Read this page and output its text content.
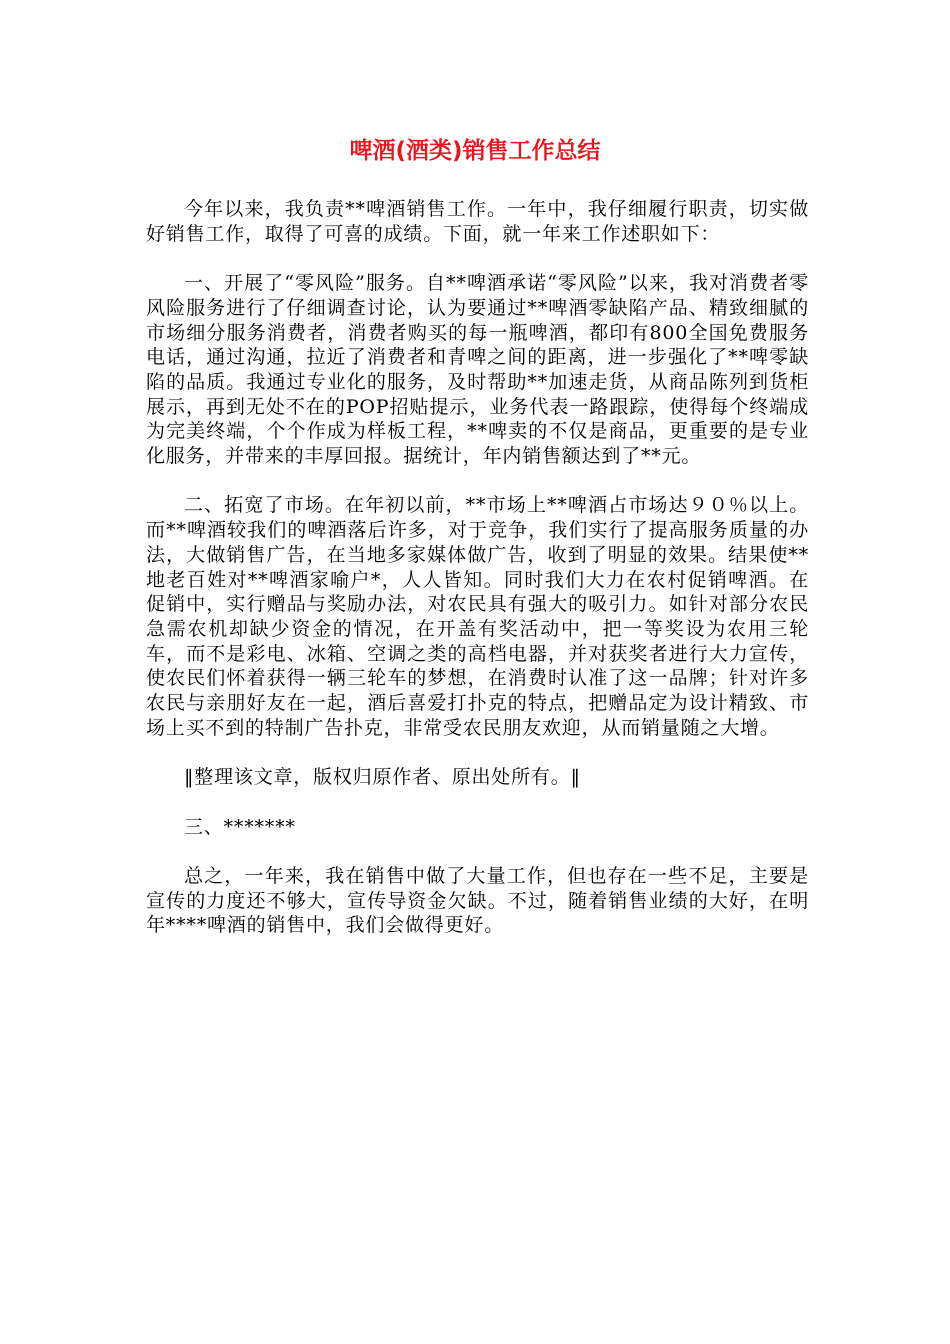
啤酒(酒类)销售工作总结

今年以来，我负责**啤酒销售工作。一年中，我仔细履行职责，切实做好销售工作，取得了可喜的成绩。下面，就一年来工作述职如下：

一、开展了“零风险”服务。自**啤酒承诺“零风险”以来，我对消费者零风险服务进行了仔细调查讨论，认为要通过**啤酒零缺陷产品、精致细腻的市场细分服务消费者，消费者购买的每一瓶啤酒，都印有800全国免费服务电话，通过沟通，拉近了消费者和青啤之间的距离，进一步强化了**啤零缺陷的品质。我通过专业化的服务，及时帮助**加速走货，从商品陈列到货柜展示，再到无处不在的POP招贴提示，业务代表一路跟踪，使得每个终端成为完美终端，个个作成为样板工程，**啤卖的不仅是商品，更重要的是专业化服务，并带来的丰厚回报。据统计，年内销售额达到了**元。

二、拓宽了市场。在年初以前，**市场上**啤酒占市场达９０％以上。而**啤酒较我们的啤酒落后许多，对于竞争，我们实行了提高服务质量的办法，大做销售广告，在当地多家媒体做广告，收到了明显的效果。结果使**地老百姓对**啤酒家喻户*，人人皆知。同时我们大力在农村促销啤酒。在促销中，实行赠品与奖励办法，对农民具有强大的吸引力。如针对部分农民急需农机却缺少资金的情况，在开盖有奖活动中，把一等奖设为农用三轮车，而不是彩电、冰箱、空调之类的高档电器，并对获奖者进行大力宣传，使农民们怀着获得一辆三轮车的梦想，在消费时认准了这一品牌；针对许多农民与亲朋好友在一起，酒后喜爱打扑克的特点，把赠品定为设计精致、市场上买不到的特制广告扑克，非常受农民朋友欢迎，从而销量随之大增。

‖整理该文章，版权归原作者、原出处所有。‖

三、*******

总之，一年来，我在销售中做了大量工作，但也存在一些不足，主要是宣传的力度还不够大，宣传导资金欠缺。不过，随着销售业绩的大好，在明年****啤酒的销售中，我们会做得更好。
